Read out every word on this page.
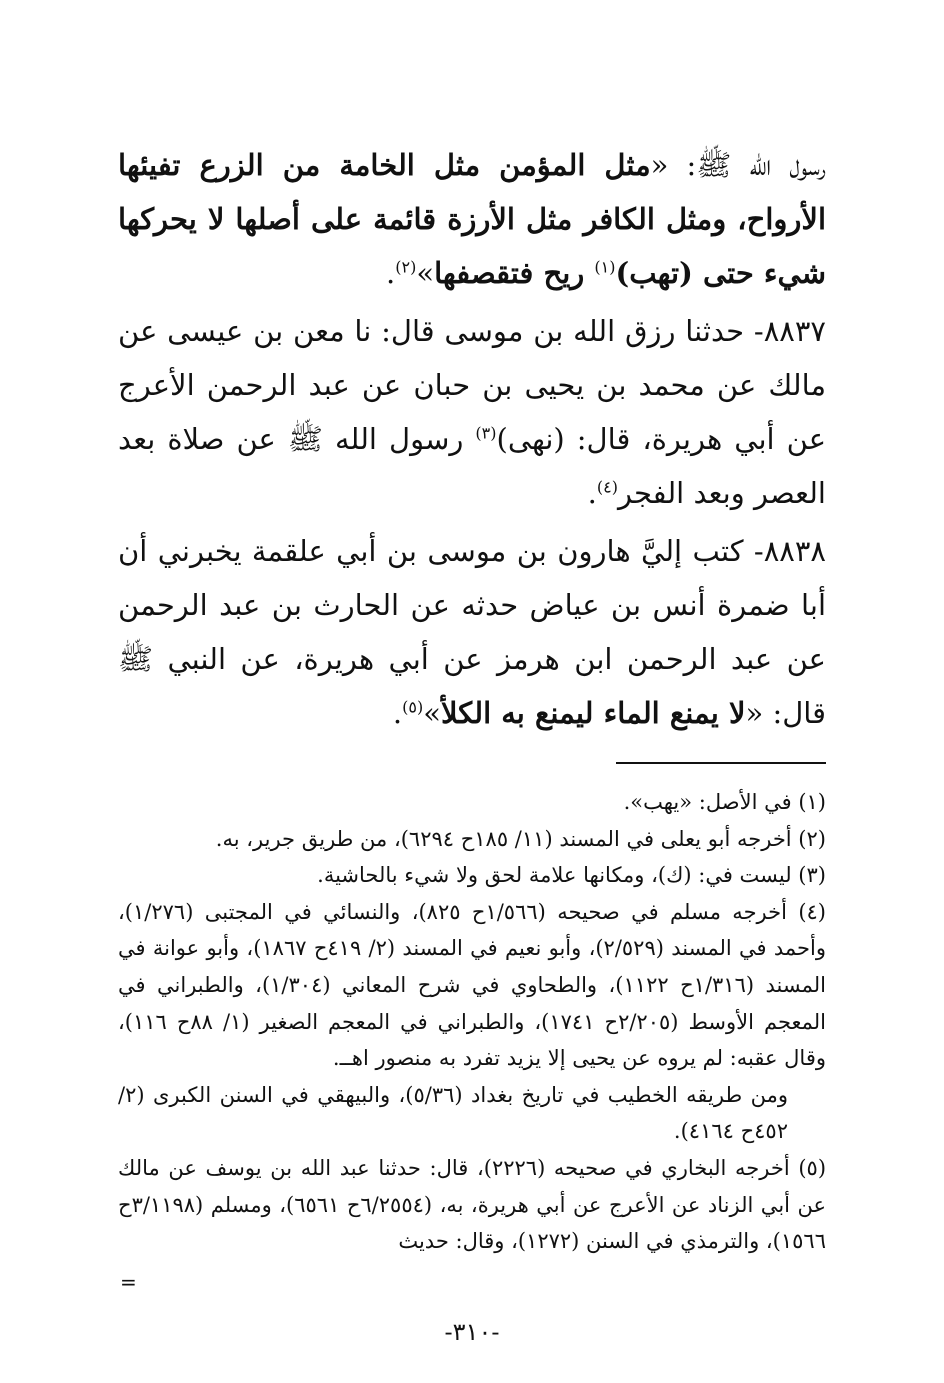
رسول الله ﷺ: «مثل المؤمن مثل الخامة من الزرع تفيئها الأرواح، ومثل الكافر مثل الأرزة قائمة على أصلها لا يحركها شيء حتى (تهب)$^{(١)}$ ريح فتقصفها»$^{(٢)}$.

٨٨٣٧- حدثنا رزق الله بن موسى قال: نا معن بن عيسى عن مالك عن محمد بن يحيى بن حبان عن عبد الرحمن الأعرج عن أبي هريرة، قال: (نهى)$^{(٣)}$ رسول الله ﷺ عن صلاة بعد العصر وبعد الفجر$^{(٤)}$.

٨٨٣٨- كتب إليَّ هارون بن موسى بن أبي علقمة يخبرني أن أبا ضمرة أنس بن عياض حدثه عن الحارث بن عبد الرحمن عن عبد الرحمن ابن هرمز عن أبي هريرة، عن النبي ﷺ قال: «لا يمنع الماء ليمنع به الكلأ»$^{(٥)}$.

(١) في الأصل: «يهب».

(٢) أخرجه أبو يعلى في المسند (١١/ ١٨٥ح ٦٢٩٤)، من طريق جرير، به.

(٣) ليست في: (ك)، ومكانها علامة لحق ولا شيء بالحاشية.

(٤) أخرجه مسلم في صحيحه (١/٥٦٦ح ٨٢٥)، والنسائي في المجتبى (١/٢٧٦)، وأحمد في المسند (٢/٥٢٩)، وأبو نعيم في المسند (٢/ ٤١٩ح ١٨٦٧)، وأبو عوانة في المسند (١/٣١٦ح ١١٢٢)، والطحاوي في شرح المعاني (١/٣٠٤)، والطبراني في المعجم الأوسط (٢/٢٠٥ح ١٧٤١)، والطبراني في المعجم الصغير (١/ ٨٨ح ١١٦)، وقال عقبه: لم يروه عن يحيى إلا يزيد تفرد به منصور اهــ.

ومن طريقه الخطيب في تاريخ بغداد (٥/٣٦)، والبيهقي في السنن الكبرى (٢/ ٤٥٢ح ٤١٦٤).

(٥) أخرجه البخاري في صحيحه (٢٢٢٦)، قال: حدثنا عبد الله بن يوسف عن مالك عن أبي الزناد عن الأعرج عن أبي هريرة، به، (٦/٢٥٥٤ح ٦٥٦١)، ومسلم (٣/١١٩٨ح ١٥٦٦)، والترمذي في السنن (١٢٧٢)، وقال: حديث

=
-٣١٠-
